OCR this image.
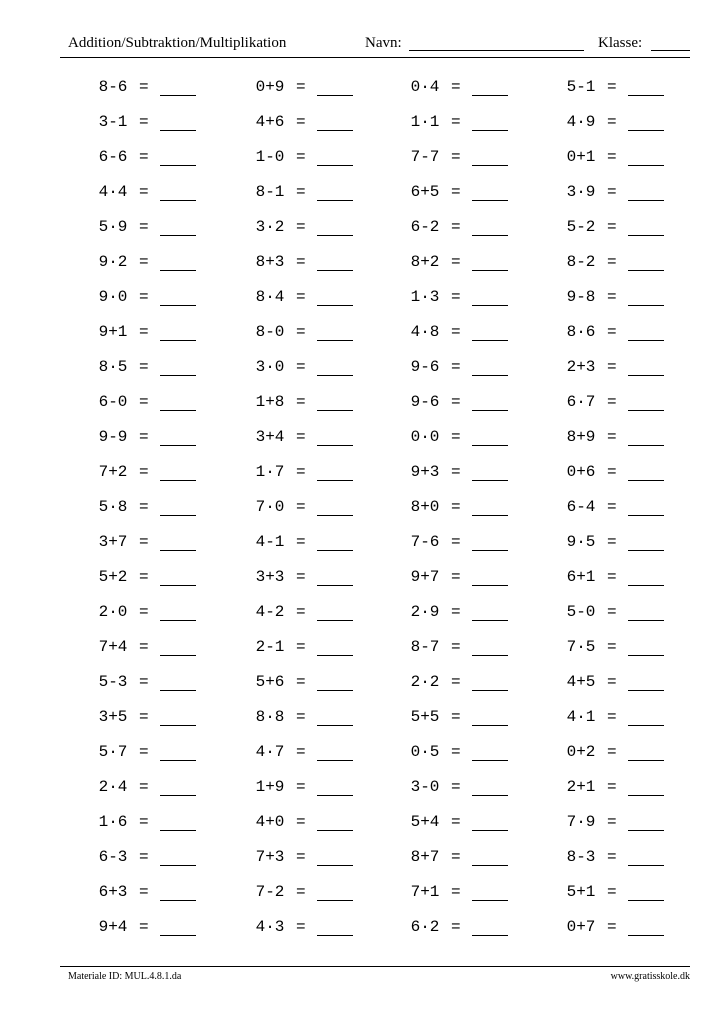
Addition/Subtraktion/Multiplikation	Navn:	Klasse:
8-6 =	0+9 =	0·4 =	5-1 =
3-1 =	4+6 =	1·1 =	4·9 =
6-6 =	1-0 =	7-7 =	0+1 =
4·4 =	8-1 =	6+5 =	3·9 =
5·9 =	3·2 =	6-2 =	5-2 =
9·2 =	8+3 =	8+2 =	8-2 =
9·0 =	8·4 =	1·3 =	9-8 =
9+1 =	8-0 =	4·8 =	8·6 =
8·5 =	3·0 =	9-6 =	2+3 =
6-0 =	1+8 =	9-6 =	6·7 =
9-9 =	3+4 =	0·0 =	8+9 =
7+2 =	1·7 =	9+3 =	0+6 =
5·8 =	7·0 =	8+0 =	6-4 =
3+7 =	4-1 =	7-6 =	9·5 =
5+2 =	3+3 =	9+7 =	6+1 =
2·0 =	4-2 =	2·9 =	5-0 =
7+4 =	2-1 =	8-7 =	7·5 =
5-3 =	5+6 =	2·2 =	4+5 =
3+5 =	8·8 =	5+5 =	4·1 =
5·7 =	4·7 =	0·5 =	0+2 =
2·4 =	1+9 =	3-0 =	2+1 =
1·6 =	4+0 =	5+4 =	7·9 =
6-3 =	7+3 =	8+7 =	8-3 =
6+3 =	7-2 =	7+1 =	5+1 =
9+4 =	4·3 =	6·2 =	0+7 =
Materiale ID: MUL.4.8.1.da	www.gratisskole.dk
